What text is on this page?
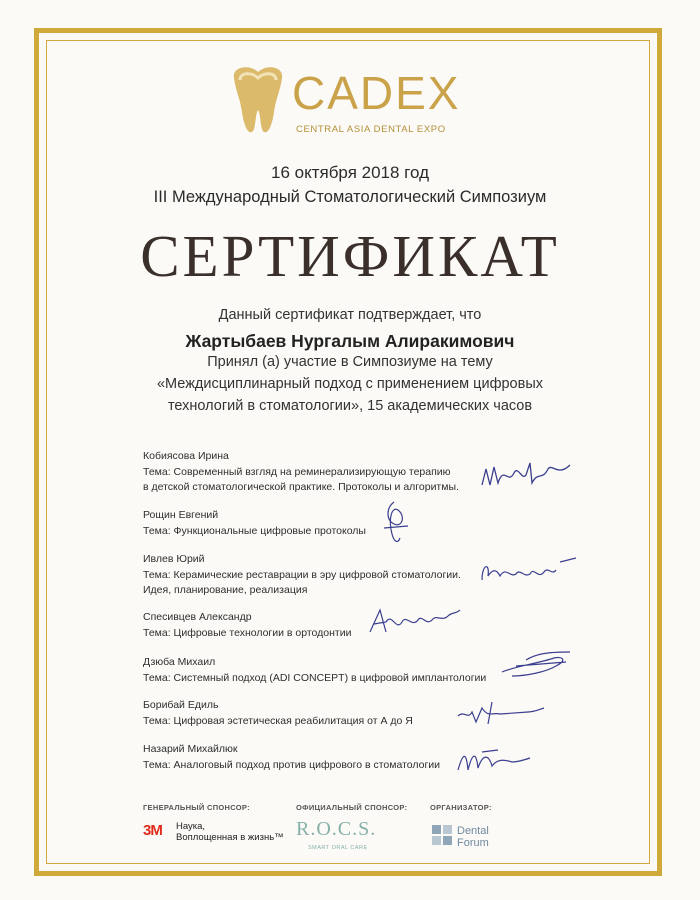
CADEX
CENTRAL ASIA DENTAL EXPO
16 октября 2018 год
III Международный Стоматологический Симпозиум
СЕРТИФИКАТ
Данный сертификат подтверждает, что
Жартыбаев Нургалым Алиракимович
Принял (а) участие в Симпозиуме на тему
«Междисциплинарный подход с применением цифровых
технологий в стоматологии», 15 академических часов
Кобиясова Ирина
Тема: Современный взгляд на реминерализирующую терапию
в детской стоматологической практике. Протоколы и алгоритмы.
Рощин Евгений
Тема: Функциональные цифровые протоколы
Ивлев Юрий
Тема: Керамические реставрации в эру цифровой стоматологии.
Идея, планирование, реализация
Спесивцев Александр
Тема: Цифровые технологии в ортодонтии
Дзюба Михаил
Тема: Системный подход (ADI CONCEPT) в цифровой имплантологии
Борибай Едиль
Тема: Цифровая эстетическая реабилитация от А до Я
Назарий Михайлюк
Тема: Аналоговый подход против цифрового в стоматологии
ГЕНЕРАЛЬНЫЙ СПОНСОР:
3M Наука,
Воплощенная в жизнь™
ОФИЦИАЛЬНЫЙ СПОНСОР:
R.O.C.S.
SMART ORAL CARE
ОРГАНИЗАТОР:
Dental
Forum
